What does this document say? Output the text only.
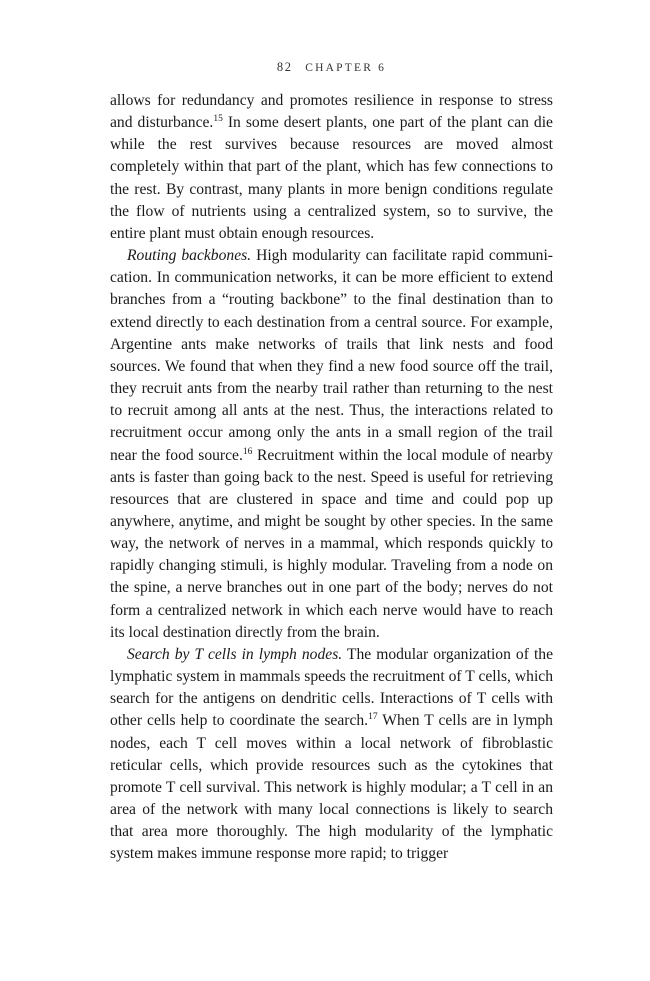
82 CHAPTER 6

allows for redundancy and promotes resilience in response to stress and disturbance.$^{15}$ In some desert plants, one part of the plant can die while the rest survives because resources are moved almost completely within that part of the plant, which has few connections to the rest. By contrast, many plants in more benign conditions regulate the flow of nutrients using a centralized system, so to survive, the entire plant must obtain enough resources.

Routing backbones. High modularity can facilitate rapid communication. In communication networks, it can be more efficient to extend branches from a “routing backbone” to the final destination than to extend directly to each destination from a central source. For example, Argentine ants make networks of trails that link nests and food sources. We found that when they find a new food source off the trail, they recruit ants from the nearby trail rather than returning to the nest to recruit among all ants at the nest. Thus, the interactions related to recruitment occur among only the ants in a small region of the trail near the food source.$^{16}$ Recruitment within the local module of nearby ants is faster than going back to the nest. Speed is useful for retrieving resources that are clustered in space and time and could pop up anywhere, anytime, and might be sought by other species. In the same way, the network of nerves in a mammal, which responds quickly to rapidly changing stimuli, is highly modular. Traveling from a node on the spine, a nerve branches out in one part of the body; nerves do not form a centralized network in which each nerve would have to reach its local destination directly from the brain.

Search by T cells in lymph nodes. The modular organization of the lymphatic system in mammals speeds the recruitment of T cells, which search for the antigens on dendritic cells. Interactions of T cells with other cells help to coordinate the search.$^{17}$ When T cells are in lymph nodes, each T cell moves within a local network of fibroblastic reticular cells, which provide resources such as the cytokines that promote T cell survival. This network is highly modular; a T cell in an area of the network with many local connections is likely to search that area more thoroughly. The high modularity of the lymphatic system makes immune response more rapid; to trigger
